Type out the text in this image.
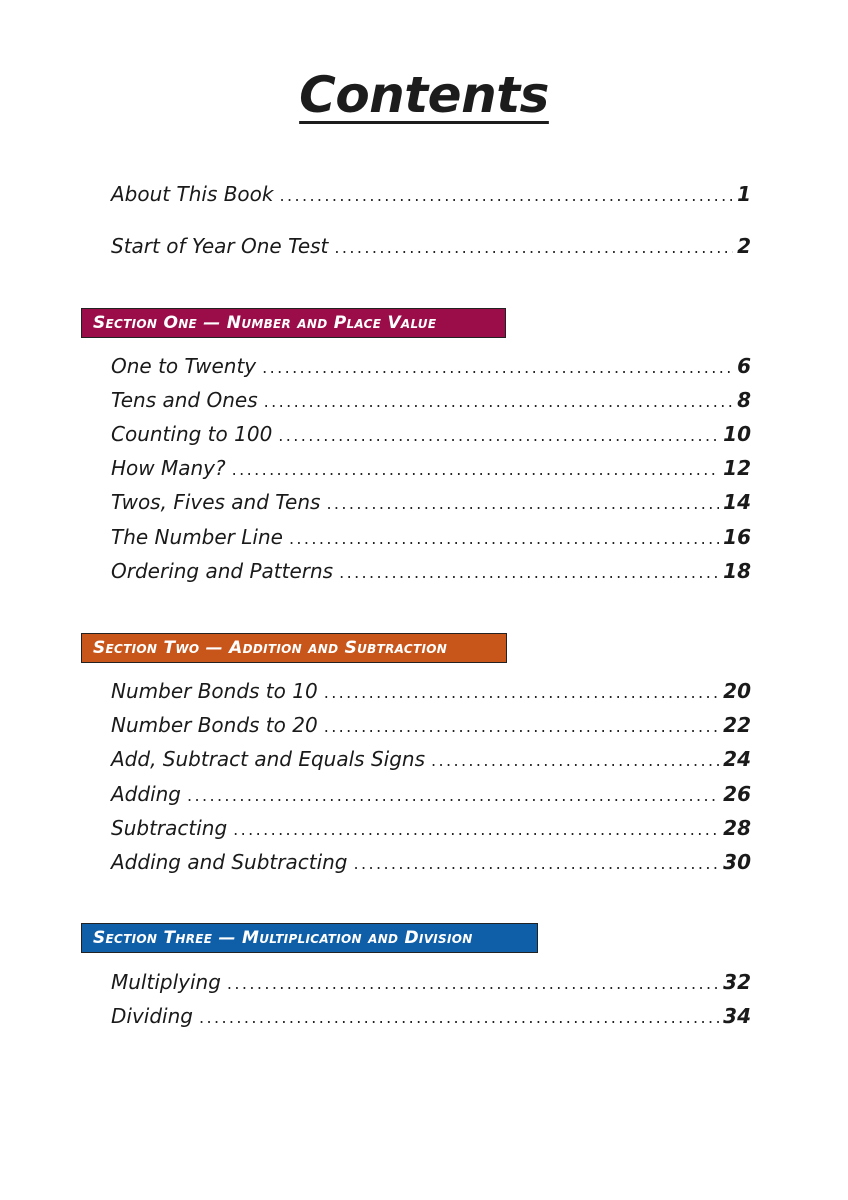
Contents
About This Book .....	1
Start of Year One Test .....	2
Section One — Number and Place Value
One to Twenty .....	6
Tens and Ones .....	8
Counting to 100 .....	10
How Many? .....	12
Twos, Fives and Tens .....	14
The Number Line .....	16
Ordering and Patterns .....	18
Section Two — Addition and Subtraction
Number Bonds to 10 .....	20
Number Bonds to 20 .....	22
Add, Subtract and Equals Signs .....	24
Adding .....	26
Subtracting .....	28
Adding and Subtracting .....	30
Section Three — Multiplication and Division
Multiplying .....	32
Dividing .....	34
